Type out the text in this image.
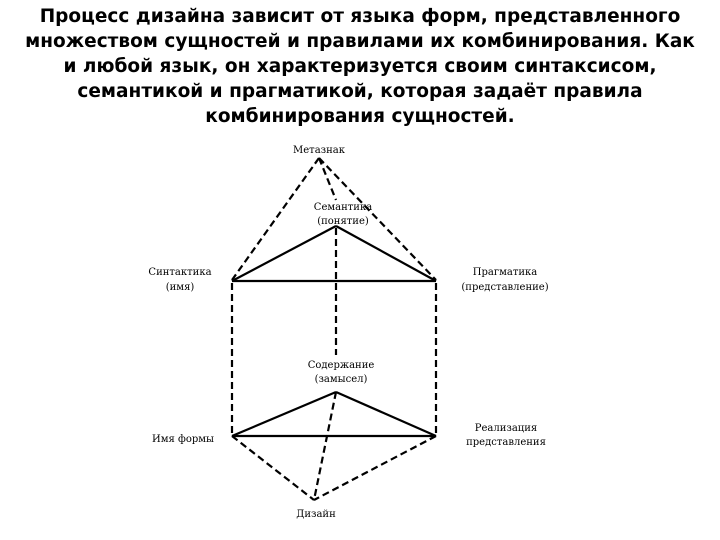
Процесс дизайна зависит от языка форм, представленного
множеством сущностей и правилами их комбинирования. Как
и любой язык, он характеризуется своим синтаксисом,
семантикой и прагматикой, которая задаёт правила
комбинирования сущностей.
Метазнак
Семантика
(понятие)
Синтактика
(имя)
Прагматика
(представление)
Содержание
(замысел)
Имя формы
Реализация
представления
Дизайн
